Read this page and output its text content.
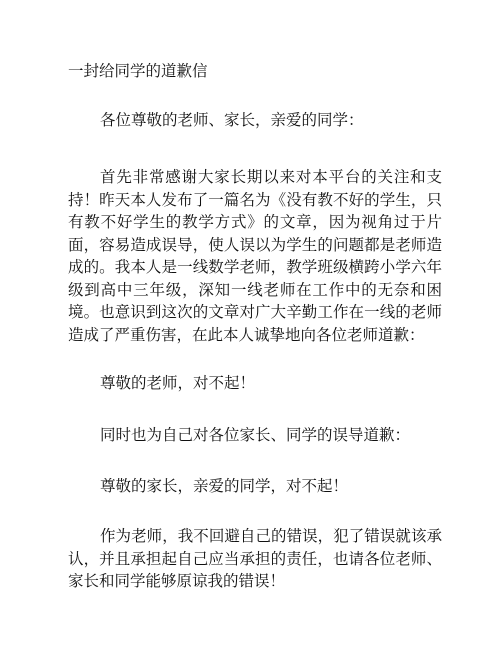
一封给同学的道歉信

各位尊敬的老师、家长，亲爱的同学：

首先非常感谢大家长期以来对本平台的关注和支持！昨天本人发布了一篇名为《没有教不好的学生，只有教不好学生的教学方式》的文章，因为视角过于片面，容易造成误导，使人误以为学生的问题都是老师造成的。我本人是一线数学老师，教学班级横跨小学六年级到高中三年级，深知一线老师在工作中的无奈和困境。也意识到这次的文章对广大辛勤工作在一线的老师造成了严重伤害，在此本人诚挚地向各位老师道歉：

尊敬的老师，对不起！

同时也为自己对各位家长、同学的误导道歉：

尊敬的家长，亲爱的同学，对不起！

作为老师，我不回避自己的错误，犯了错误就该承认，并且承担起自己应当承担的责任，也请各位老师、家长和同学能够原谅我的错误！
